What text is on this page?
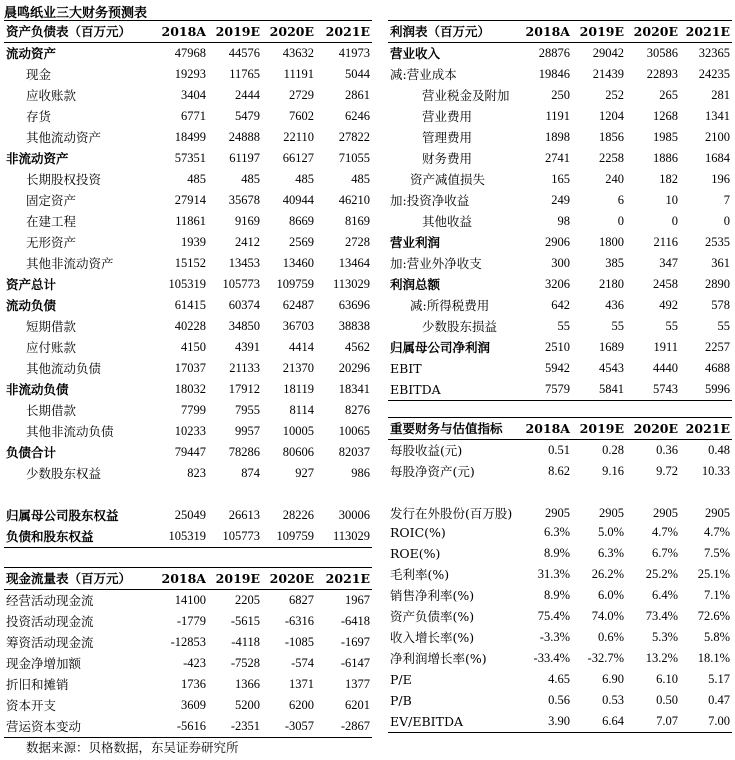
晨鸣纸业三大财务预测表
资产负债表（百万元）	2018A	2019E	2020E	2021E
流动资产	47968	44576	43632	41973
现金	19293	11765	11191	5044
应收账款	3404	2444	2729	2861
存货	6771	5479	7602	6246
其他流动资产	18499	24888	22110	27822
非流动资产	57351	61197	66127	71055
长期股权投资	485	485	485	485
固定资产	27914	35678	40944	46210
在建工程	11861	9169	8669	8169
无形资产	1939	2412	2569	2728
其他非流动资产	15152	13453	13460	13464
资产总计	105319	105773	109759	113029
流动负债	61415	60374	62487	63696
短期借款	40228	34850	36703	38838
应付账款	4150	4391	4414	4562
其他流动负债	17037	21133	21370	20296
非流动负债	18032	17912	18119	18341
长期借款	7799	7955	8114	8276
其他非流动负债	10233	9957	10005	10065
负债合计	79447	78286	80606	82037
少数股东权益	823	874	927	986

归属母公司股东权益	25049	26613	28226	30006
负债和股东权益	105319	105773	109759	113029
利润表（百万元）	2018A	2019E	2020E	2021E
营业收入	28876	29042	30586	32365
减:营业成本	19846	21439	22893	24235
营业税金及附加	250	252	265	281
营业费用	1191	1204	1268	1341
管理费用	1898	1856	1985	2100
财务费用	2741	2258	1886	1684
资产减值损失	165	240	182	196
加:投资净收益	249	6	10	7
其他收益	98	0	0	0
营业利润	2906	1800	2116	2535
加:营业外净收支	300	385	347	361
利润总额	3206	2180	2458	2890
减:所得税费用	642	436	492	578
少数股东损益	55	55	55	55
归属母公司净利润	2510	1689	1911	2257
EBIT	5942	4543	4440	4688
EBITDA	7579	5841	5743	5996
重要财务与估值指标	2018A	2019E	2020E	2021E
每股收益(元)	0.51	0.28	0.36	0.48
每股净资产(元)	8.62	9.16	9.72	10.33
发行在外股份(百万股)	2905	2905	2905	2905
ROIC(%)	6.3%	5.0%	4.7%	4.7%
ROE(%)	8.9%	6.3%	6.7%	7.5%
毛利率(%)	31.3%	26.2%	25.2%	25.1%
销售净利率(%)	8.9%	6.0%	6.4%	7.1%
资产负债率(%)	75.4%	74.0%	73.4%	72.6%
收入增长率(%)	-3.3%	0.6%	5.3%	5.8%
净利润增长率(%)	-33.4%	-32.7%	13.2%	18.1%
P/E	4.65	6.90	6.10	5.17
P/B	0.56	0.53	0.50	0.47
EV/EBITDA	3.90	6.64	7.07	7.00
现金流量表（百万元）	2018A	2019E	2020E	2021E
经营活动现金流	14100	2205	6827	1967
投资活动现金流	-1779	-5615	-6316	-6418
筹资活动现金流	-12853	-4118	-1085	-1697
现金净增加额	-423	-7528	-574	-6147
折旧和摊销	1736	1366	1371	1377
资本开支	3609	5200	6200	6201
营运资本变动	-5616	-2351	-3057	-2867
数据来源：贝格数据，东吴证券研究所
